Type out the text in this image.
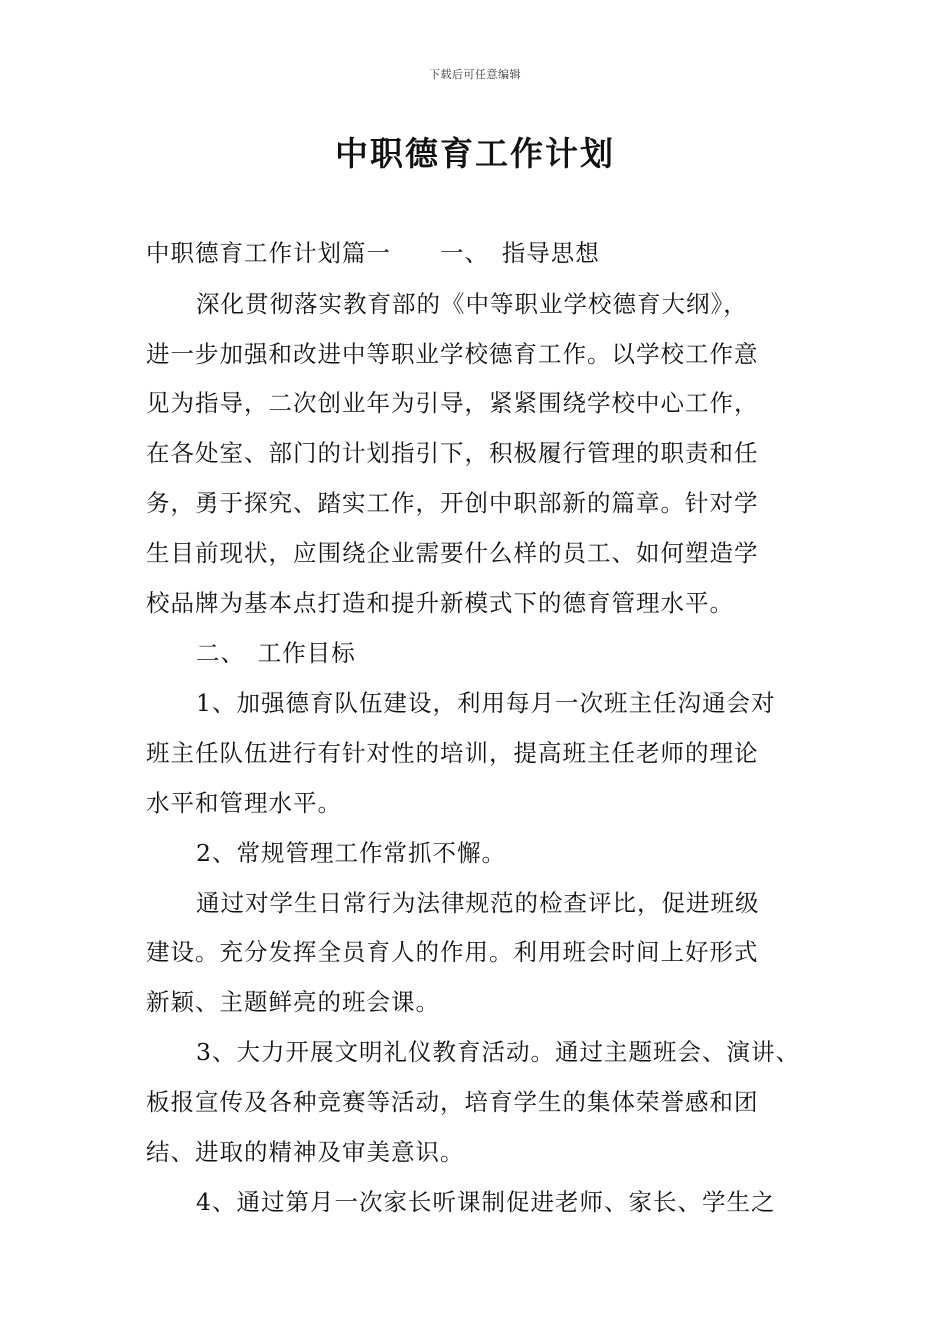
下载后可任意编辑
中职德育工作计划
中职德育工作计划篇一　　一、　指导思想
深化贯彻落实教育部的《中等职业学校德育大纲》，
进一步加强和改进中等职业学校德育工作。以学校工作意
见为指导，二次创业年为引导，紧紧围绕学校中心工作，
在各处室、部门的计划指引下，积极履行管理的职责和任
务，勇于探究、踏实工作，开创中职部新的篇章。针对学
生目前现状，应围绕企业需要什么样的员工、如何塑造学
校品牌为基本点打造和提升新模式下的德育管理水平。
二、　工作目标
1、加强德育队伍建设，利用每月一次班主任沟通会对
班主任队伍进行有针对性的培训，提高班主任老师的理论
水平和管理水平。
2、常规管理工作常抓不懈。
通过对学生日常行为法律规范的检查评比，促进班级
建设。充分发挥全员育人的作用。利用班会时间上好形式
新颖、主题鲜亮的班会课。
3、大力开展文明礼仪教育活动。通过主题班会、演讲、
板报宣传及各种竞赛等活动，培育学生的集体荣誉感和团
结、进取的精神及审美意识。
4、通过第月一次家长听课制促进老师、家长、学生之
